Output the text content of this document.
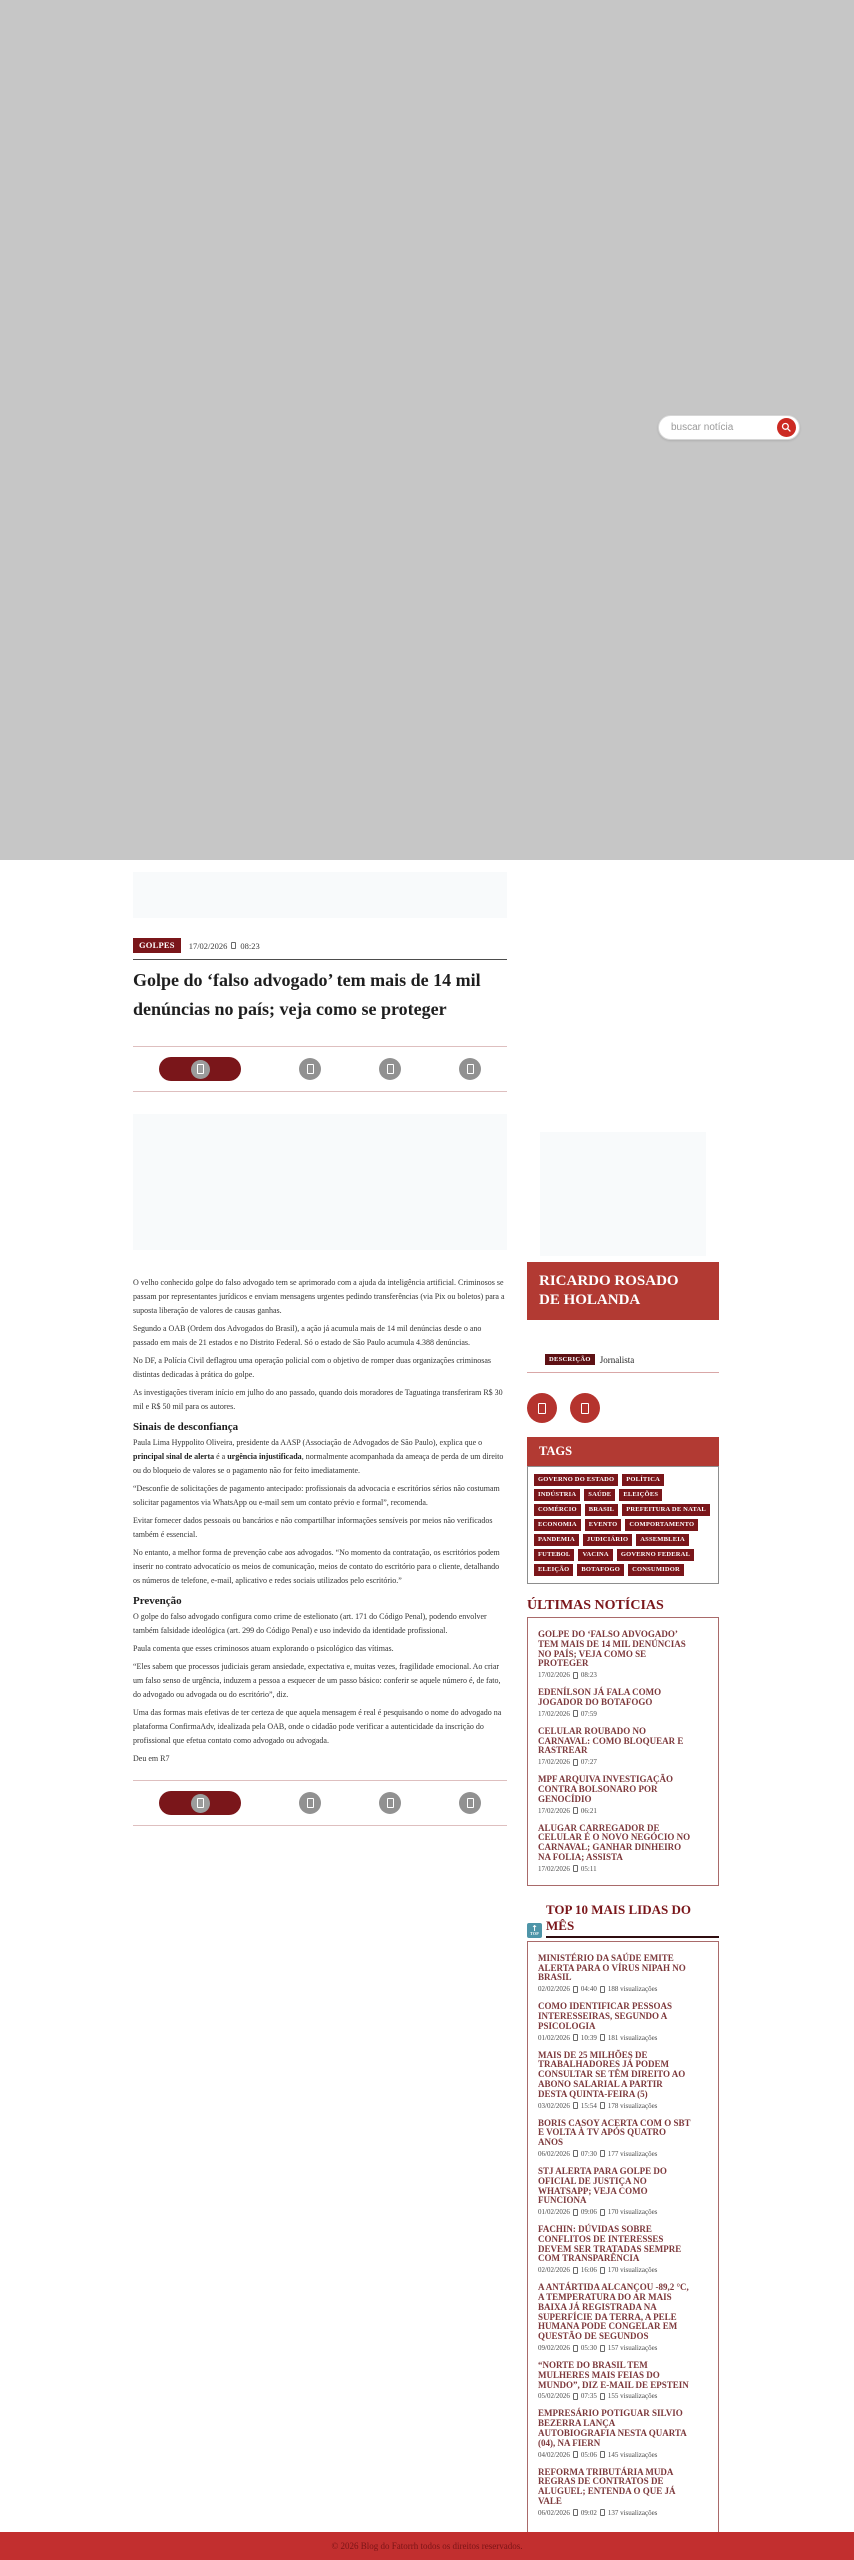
buscar notícia
GOLPES	17/02/2026 08:23
Golpe do ‘falso advogado’ tem mais de 14 mil denúncias no país; veja como se proteger

O velho conhecido golpe do falso advogado tem se aprimorado com a ajuda da inteligência artificial. Criminosos se passam por representantes jurídicos e enviam mensagens urgentes pedindo transferências (via Pix ou boletos) para a suposta liberação de valores de causas ganhas.

Segundo a OAB (Ordem dos Advogados do Brasil), a ação já acumula mais de 14 mil denúncias desde o ano passado em mais de 21 estados e no Distrito Federal. Só o estado de São Paulo acumula 4.388 denúncias.

No DF, a Polícia Civil deflagrou uma operação policial com o objetivo de romper duas organizações criminosas distintas dedicadas à prática do golpe.

As investigações tiveram início em julho do ano passado, quando dois moradores de Taguatinga transferiram R$ 30 mil e R$ 50 mil para os autores.

Sinais de desconfiança

Paula Lima Hyppolito Oliveira, presidente da AASP (Associação de Advogados de São Paulo), explica que o principal sinal de alerta é a urgência injustificada, normalmente acompanhada da ameaça de perda de um direito ou do bloqueio de valores se o pagamento não for feito imediatamente.

“Desconfie de solicitações de pagamento antecipado: profissionais da advocacia e escritórios sérios não costumam solicitar pagamentos via WhatsApp ou e-mail sem um contato prévio e formal”, recomenda.

Evitar fornecer dados pessoais ou bancários e não compartilhar informações sensíveis por meios não verificados também é essencial.

No entanto, a melhor forma de prevenção cabe aos advogados. “No momento da contratação, os escritórios podem inserir no contrato advocatício os meios de comunicação, meios de contato do escritório para o cliente, detalhando os números de telefone, e-mail, aplicativo e redes sociais utilizados pelo escritório.”

Prevenção

O golpe do falso advogado configura como crime de estelionato (art. 171 do Código Penal), podendo envolver também falsidade ideológica (art. 299 do Código Penal) e uso indevido da identidade profissional.

Paula comenta que esses criminosos atuam explorando o psicológico das vítimas.

“Eles sabem que processos judiciais geram ansiedade, expectativa e, muitas vezes, fragilidade emocional. Ao criar um falso senso de urgência, induzem a pessoa a esquecer de um passo básico: conferir se aquele número é, de fato, do advogado ou advogada ou do escritório”, diz.

Uma das formas mais efetivas de ter certeza de que aquela mensagem é real é pesquisando o nome do advogado na plataforma ConfirmaAdv, idealizada pela OAB, onde o cidadão pode verificar a autenticidade da inscrição do profissional que efetua contato como advogado ou advogada.

Deu em R7

RICARDO ROSADO DE HOLANDA
DESCRIÇÃO	Jornalista
TAGS
GOVERNO DO ESTADO	POLÍTICA
INDÚSTRIA	SAÚDE	ELEIÇÕES
COMÉRCIO	BRASIL	PREFEITURA DE NATAL
ECONOMIA	EVENTO	COMPORTAMENTO
PANDEMIA	JUDICIÁRIO	ASSEMBLEIA
FUTEBOL	VACINA	GOVERNO FEDERAL
ELEIÇÃO	BOTAFOGO	CONSUMIDOR
ÚLTIMAS NOTÍCIAS
GOLPE DO ‘FALSO ADVOGADO’ TEM MAIS DE 14 MIL DENÚNCIAS NO PAÍS; VEJA COMO SE PROTEGER
17/02/2026 08:23
EDENÍLSON JÁ FALA COMO JOGADOR DO BOTAFOGO
17/02/2026 07:59
CELULAR ROUBADO NO CARNAVAL: COMO BLOQUEAR E RASTREAR
17/02/2026 07:27
MPF ARQUIVA INVESTIGAÇÃO CONTRA BOLSONARO POR GENOCÍDIO
17/02/2026 06:21
ALUGAR CARREGADOR DE CELULAR É O NOVO NEGÓCIO NO CARNAVAL; GANHAR DINHEIRO NA FOLIA; ASSISTA
17/02/2026 05:11
↑
TOP
TOP 10 MAIS LIDAS DO MÊS
MINISTÉRIO DA SAÚDE EMITE ALERTA PARA O VÍRUS NIPAH NO BRASIL
02/02/2026 04:40 188 visualizações
COMO IDENTIFICAR PESSOAS INTERESSEIRAS, SEGUNDO A PSICOLOGIA
01/02/2026 10:39 181 visualizações
MAIS DE 25 MILHÕES DE TRABALHADORES JÁ PODEM CONSULTAR SE TÊM DIREITO AO ABONO SALARIAL A PARTIR DESTA QUINTA-FEIRA (5)
03/02/2026 15:54 178 visualizações
BORIS CASOY ACERTA COM O SBT E VOLTA À TV APÓS QUATRO ANOS
06/02/2026 07:30 177 visualizações
STJ ALERTA PARA GOLPE DO OFICIAL DE JUSTIÇA NO WHATSAPP; VEJA COMO FUNCIONA
01/02/2026 09:06 170 visualizações
FACHIN: DÚVIDAS SOBRE CONFLITOS DE INTERESSES DEVEM SER TRATADAS SEMPRE COM TRANSPARÊNCIA
02/02/2026 16:06 170 visualizações
A ANTÁRTIDA ALCANÇOU -89,2 °C, A TEMPERATURA DO AR MAIS BAIXA JÁ REGISTRADA NA SUPERFÍCIE DA TERRA, A PELE HUMANA PODE CONGELAR EM QUESTÃO DE SEGUNDOS
09/02/2026 05:30 157 visualizações
“NORTE DO BRASIL TEM MULHERES MAIS FEIAS DO MUNDO”, DIZ E-MAIL DE EPSTEIN
05/02/2026 07:35 155 visualizações
EMPRESÁRIO POTIGUAR SILVIO BEZERRA LANÇA AUTOBIOGRAFIA NESTA QUARTA (04), NA FIERN
04/02/2026 05:06 145 visualizações
REFORMA TRIBUTÁRIA MUDA REGRAS DE CONTRATOS DE ALUGUEL; ENTENDA O QUE JÁ VALE
06/02/2026 09:02 137 visualizações
© 2026 Blog do Fatorrh todos os direitos reservados.
